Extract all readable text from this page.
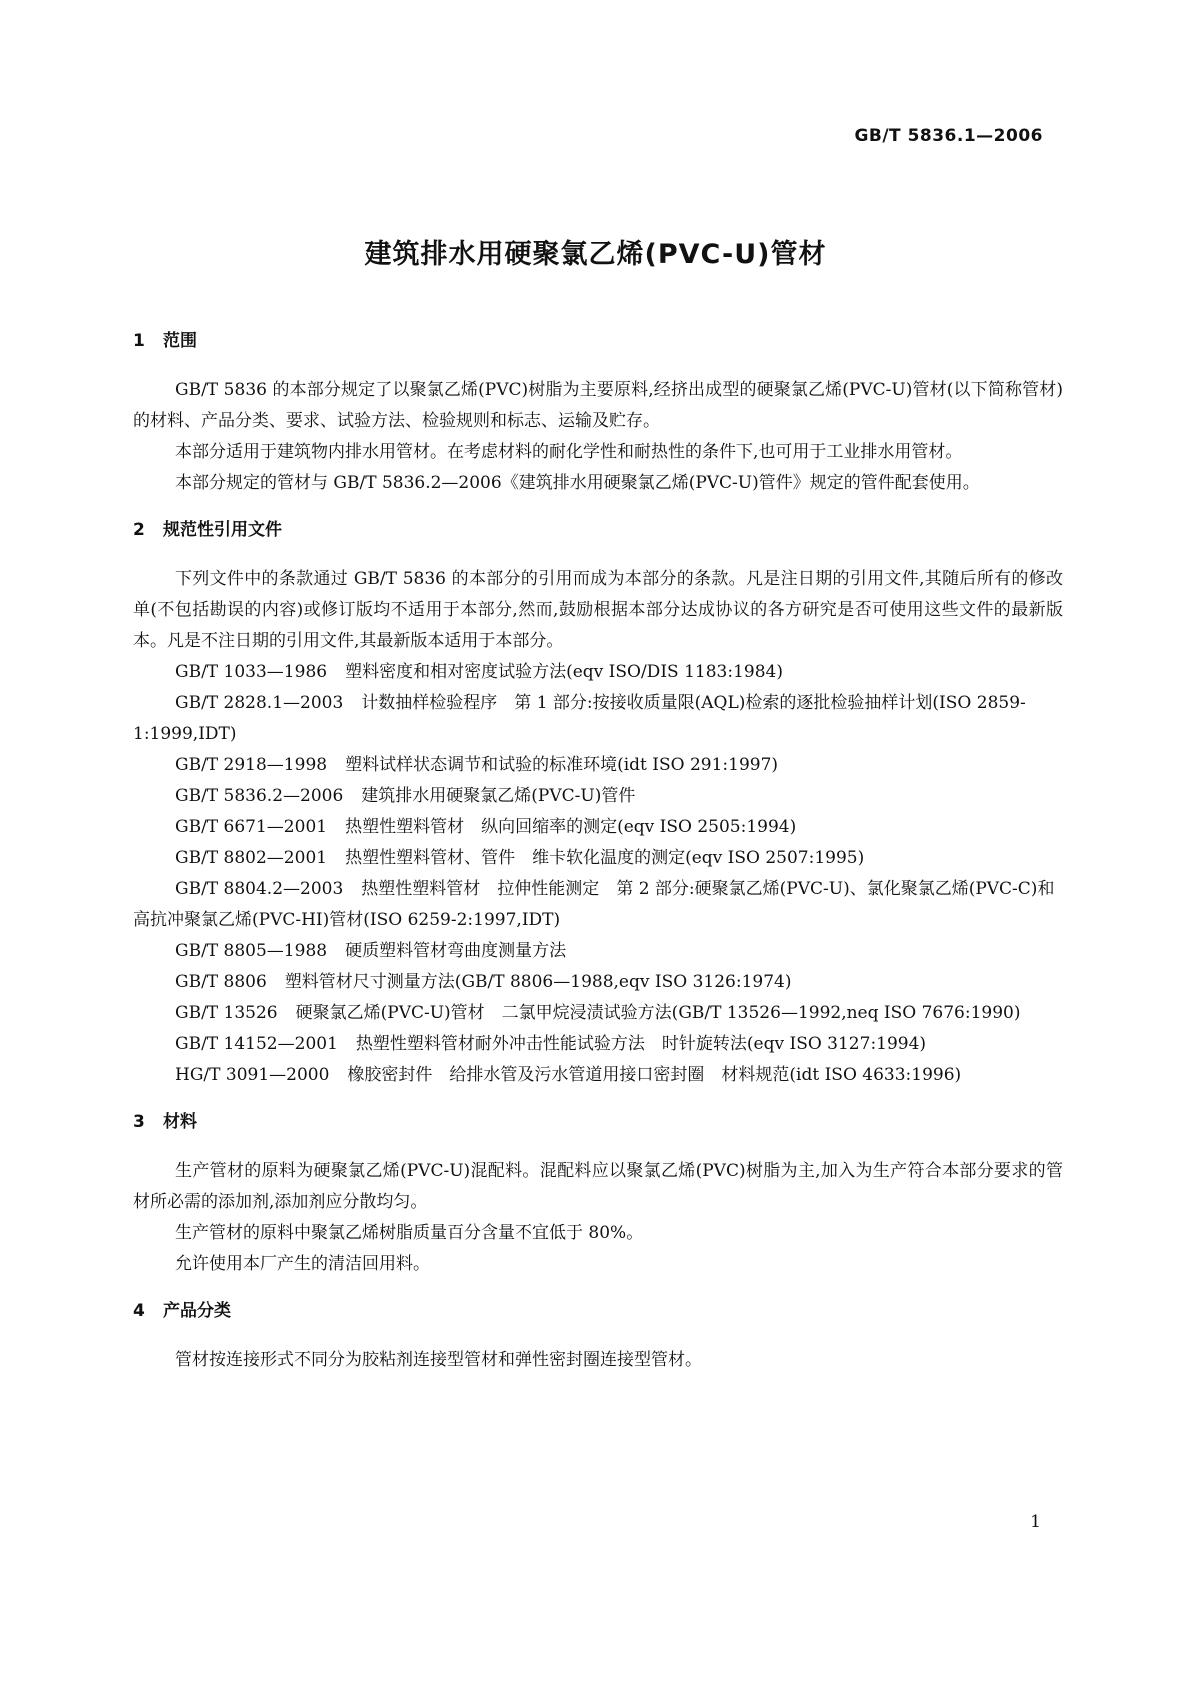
GB/T 5836.1—2006
建筑排水用硬聚氯乙烯(PVC-U)管材
1 范围

GB/T 5836 的本部分规定了以聚氯乙烯(PVC)树脂为主要原料,经挤出成型的硬聚氯乙烯(PVC-U)管材(以下简称管材)的材料、产品分类、要求、试验方法、检验规则和标志、运输及贮存。

本部分适用于建筑物内排水用管材。在考虑材料的耐化学性和耐热性的条件下,也可用于工业排水用管材。

本部分规定的管材与 GB/T 5836.2—2006《建筑排水用硬聚氯乙烯(PVC-U)管件》规定的管件配套使用。

2 规范性引用文件

下列文件中的条款通过 GB/T 5836 的本部分的引用而成为本部分的条款。凡是注日期的引用文件,其随后所有的修改单(不包括勘误的内容)或修订版均不适用于本部分,然而,鼓励根据本部分达成协议的各方研究是否可使用这些文件的最新版本。凡是不注日期的引用文件,其最新版本适用于本部分。

GB/T 1033—1986 塑料密度和相对密度试验方法(eqv ISO/DIS 1183:1984)

GB/T 2828.1—2003 计数抽样检验程序　第 1 部分:按接收质量限(AQL)检索的逐批检验抽样计划(ISO 2859-1:1999,IDT)

GB/T 2918—1998 塑料试样状态调节和试验的标准环境(idt ISO 291:1997)

GB/T 5836.2—2006 建筑排水用硬聚氯乙烯(PVC-U)管件

GB/T 6671—2001 热塑性塑料管材　纵向回缩率的测定(eqv ISO 2505:1994)

GB/T 8802—2001 热塑性塑料管材、管件　维卡软化温度的测定(eqv ISO 2507:1995)

GB/T 8804.2—2003 热塑性塑料管材　拉伸性能测定　第 2 部分:硬聚氯乙烯(PVC-U)、氯化聚氯乙烯(PVC-C)和高抗冲聚氯乙烯(PVC-HI)管材(ISO 6259-2:1997,IDT)

GB/T 8805—1988 硬质塑料管材弯曲度测量方法

GB/T 8806 塑料管材尺寸测量方法(GB/T 8806—1988,eqv ISO 3126:1974)

GB/T 13526 硬聚氯乙烯(PVC-U)管材　二氯甲烷浸渍试验方法(GB/T 13526—1992,neq ISO 7676:1990)

GB/T 14152—2001 热塑性塑料管材耐外冲击性能试验方法　时针旋转法(eqv ISO 3127:1994)

HG/T 3091—2000 橡胶密封件　给排水管及污水管道用接口密封圈　材料规范(idt ISO 4633:1996)

3 材料

生产管材的原料为硬聚氯乙烯(PVC-U)混配料。混配料应以聚氯乙烯(PVC)树脂为主,加入为生产符合本部分要求的管材所必需的添加剂,添加剂应分散均匀。

生产管材的原料中聚氯乙烯树脂质量百分含量不宜低于 80%。

允许使用本厂产生的清洁回用料。

4 产品分类

管材按连接形式不同分为胶粘剂连接型管材和弹性密封圈连接型管材。

1
